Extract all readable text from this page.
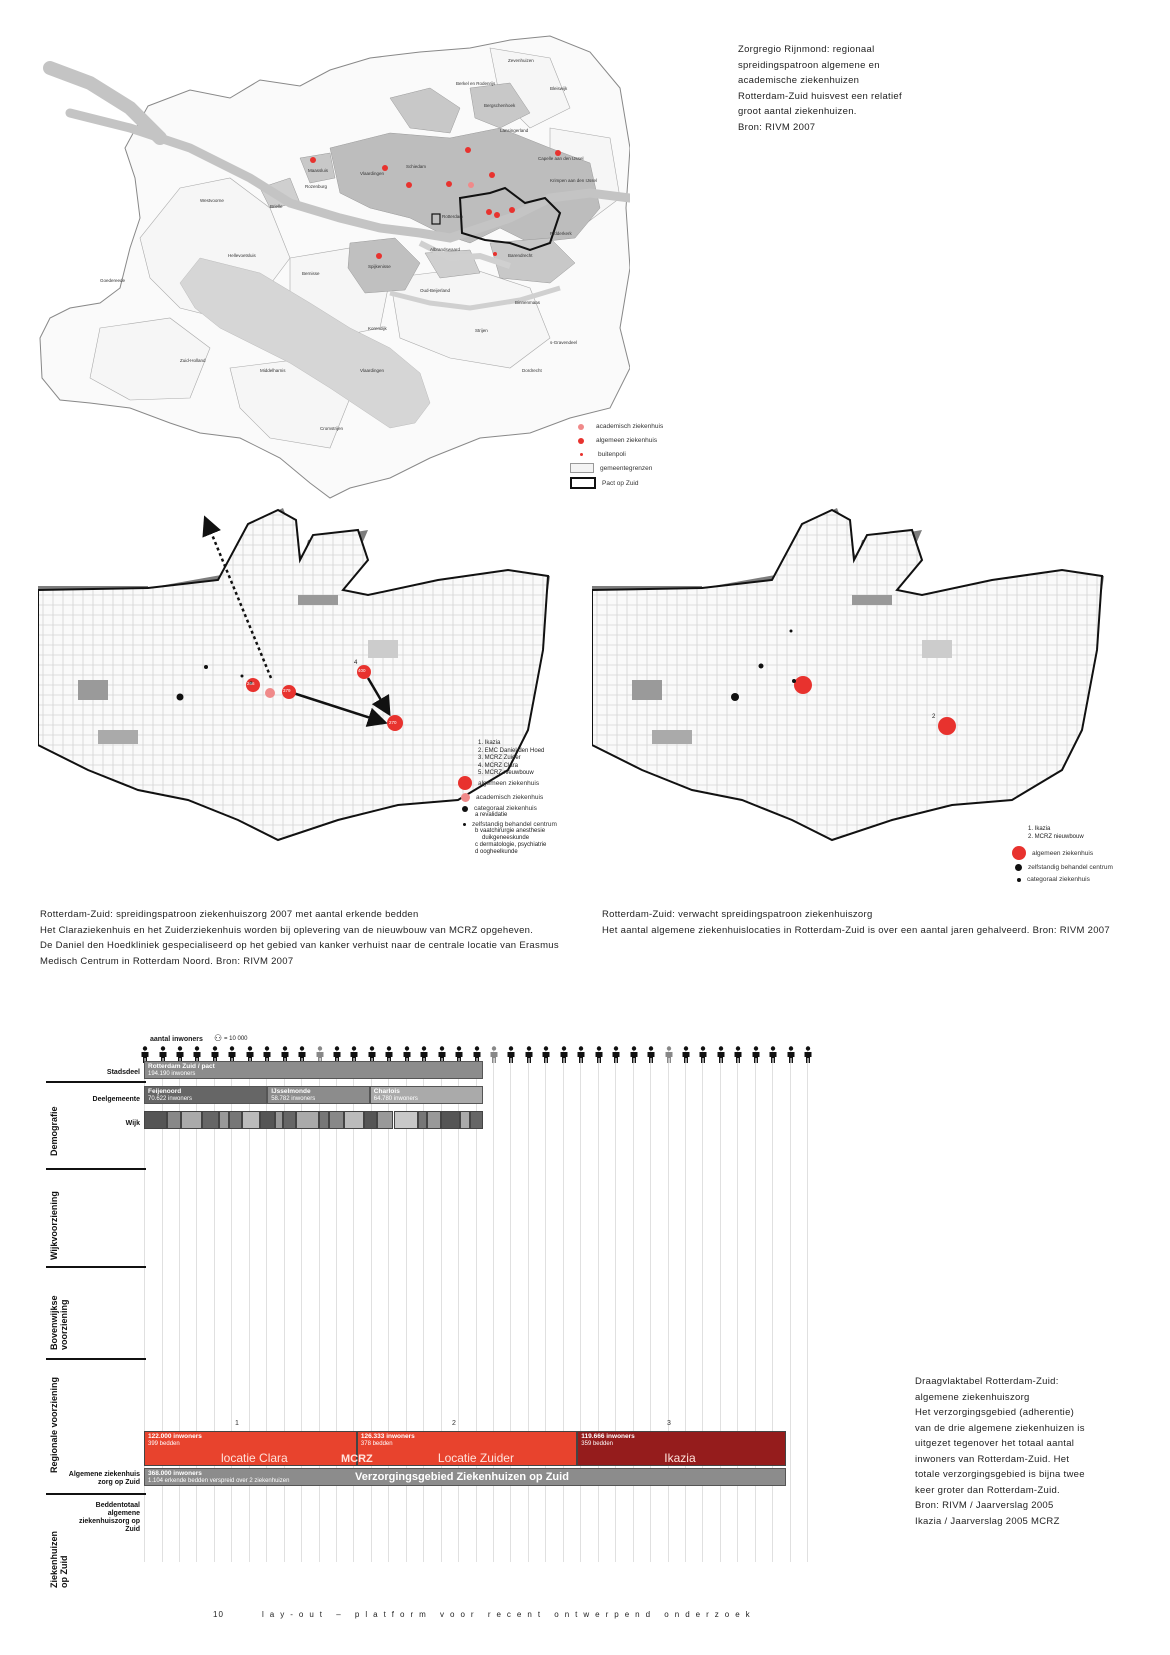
Zevenhuizen
Bleiswijk
Berkel en Rodenrijs
Bergschenhoek
Lansingerland
Maassluis
Vlaardingen
Schiedam
Capelle aan den IJssel
Krimpen aan den IJssel
Rozenburg
Brielle
Westvoorne
Rotterdam
Ridderkerk
Spijkenisse
Albrandswaard
Barendrecht
Hellevoetsluis
Bernisse
Oud-Beijerland
Binnenmaas
Strijen
Korendijk
Cromstrijen
Zuid-Holland
Middelharnis
Goedereede
s-Gravendeel
Dordrecht
Vlaardingen
academisch ziekenhuis
algemeen ziekenhuis
buitenpoli
gemeentegrenzen
Pact op Zuid
Zorgregio Rijnmond: regionaal
spreidingspatroon algemene en
academische ziekenhuizen
Rotterdam-Zuid huisvest een relatief
groot aantal ziekenhuizen.
Bron: RIVM 2007
266
379
400
270
4
1. Ikazia
2. EMC Daniel den Hoed
3. MCRZ Zuider
4. MCRZ Clara
5. MCRZ nieuwbouw
algemeen ziekenhuis
academisch ziekenhuis
categoraal ziekenhuis
a revalidatie
zelfstandig behandel centrum
b vaatchirurgie anesthesie
duikgeneeskunde
c dermatologie, psychiatrie
d oogheelkunde
2
1. Ikazia
2. MCRZ nieuwbouw
algemeen ziekenhuis
zelfstandig behandel centrum
categoraal ziekenhuis
Rotterdam-Zuid: spreidingspatroon ziekenhuiszorg 2007 met aantal erkende bedden
Het Claraziekenhuis en het Zuiderziekenhuis worden bij oplevering van de nieuwbouw van MCRZ opgeheven.
De Daniel den Hoedkliniek gespecialiseerd op het gebied van kanker verhuist naar de centrale locatie van Erasmus
Medisch Centrum in Rotterdam Noord. Bron: RIVM 2007
Rotterdam-Zuid: verwacht spreidingspatroon ziekenhuiszorg
Het aantal algemene ziekenhuislocaties in Rotterdam-Zuid is over een aantal jaren gehalveerd. Bron: RIVM 2007
aantal inwoners ⚇ = 10 000
Demografie
Wijkvoorziening
Bovenwijkse voorziening
Regionale voorziening
Ziekenhuizen op Zuid
Stadsdeel
Deelgemeente
Wijk
Algemene ziekenhuis zorg op Zuid
Beddentotaal algemene ziekenhuiszorg op Zuid
Rotterdam Zuid / pact
194.190 inwoners
Feijenoord
70.622 inwoners
IJsselmonde
58.782 inwoners
Charlois
64.780 inwoners
122.000 inwoners
399 bedden
locatie Clara
1
126.333 inwoners
378 bedden
Locatie Zuider
2
119.666 inwoners
359 bedden
Ikazia
3
MCRZ
368.000 inwoners
1.104 erkende bedden verspreid over 2 ziekenhuizen	Verzorgingsgebied Ziekenhuizen op Zuid
Draagvlaktabel Rotterdam-Zuid:
algemene ziekenhuiszorg
Het verzorgingsgebied (adherentie)
van de drie algemene ziekenhuizen is
uitgezet tegenover het totaal aantal
inwoners van Rotterdam-Zuid. Het
totale verzorgingsgebied is bijna twee
keer groter dan Rotterdam-Zuid.
Bron: RIVM / Jaarverslag 2005
Ikazia / Jaarverslag 2005 MCRZ
10	lay-out – platform voor recent ontwerpend onderzoek
